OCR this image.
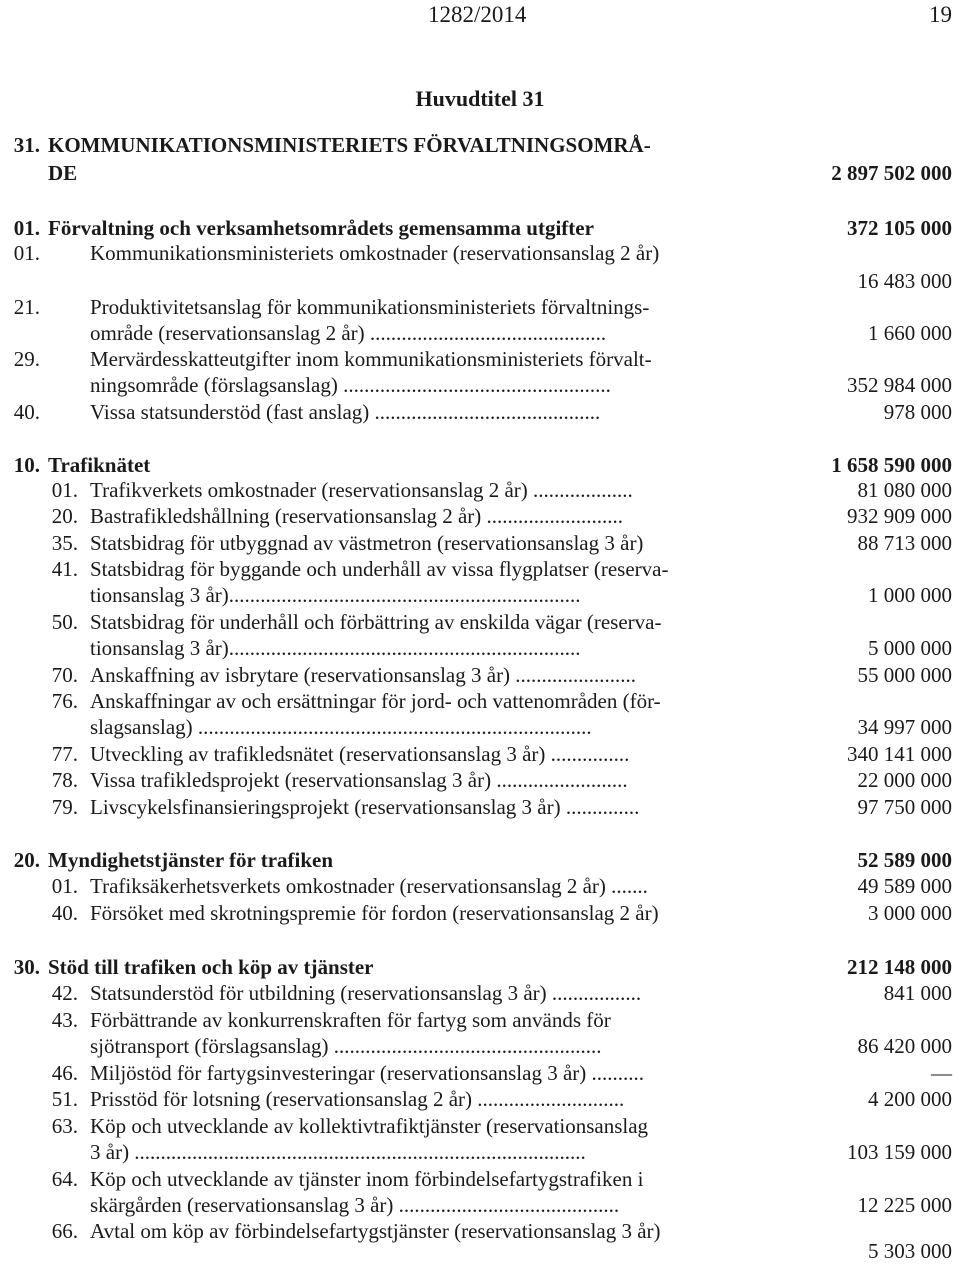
1282/2014	19
Huvudtitel 31
31. KOMMUNIKATIONSMINISTERIETS FÖRVALTNINGSOMRÅ-
DE	2 897 502 000
01. Förvaltning och verksamhetsområdets gemensamma utgifter	372 105 000
01. Kommunikationsministeriets omkostnader (reservationsanslag 2 år)
16 483 000
21. Produktivitetsanslag för kommunikationsministeriets förvaltnings-
område (reservationsanslag 2 år) .............................................	1 660 000
29. Mervärdesskatteutgifter inom kommunikationsministeriets förvalt-
ningsområde (förslagsanslag) ...................................................	352 984 000
40. Vissa statsunderstöd (fast anslag) ...........................................	978 000
10. Trafiknätet	1 658 590 000
01. Trafikverkets omkostnader (reservationsanslag 2 år) ...................	81 080 000
20. Bastrafikledshållning (reservationsanslag 2 år) ..........................	932 909 000
35. Statsbidrag för utbyggnad av västmetron (reservationsanslag 3 år)	88 713 000
41. Statsbidrag för byggande och underhåll av vissa flygplatser (reserva-
tionsanslag 3 år)...................................................................	1 000 000
50. Statsbidrag för underhåll och förbättring av enskilda vägar (reserva-
tionsanslag 3 år)...................................................................	5 000 000
70. Anskaffning av isbrytare (reservationsanslag 3 år) .......................	55 000 000
76. Anskaffningar av och ersättningar för jord- och vattenområden (för-
slagsanslag) ...........................................................................	34 997 000
77. Utveckling av trafikledsnätet (reservationsanslag 3 år) ...............	340 141 000
78. Vissa trafikledsprojekt (reservationsanslag 3 år) .........................	22 000 000
79. Livscykelsfinansieringsprojekt (reservationsanslag 3 år) ..............	97 750 000
20. Myndighetstjänster för trafiken	52 589 000
01. Trafiksäkerhetsverkets omkostnader (reservationsanslag 2 år) .......	49 589 000
40. Försöket med skrotningspremie för fordon (reservationsanslag 2 år)	3 000 000
30. Stöd till trafiken och köp av tjänster	212 148 000
42. Statsunderstöd för utbildning (reservationsanslag 3 år) .................	841 000
43. Förbättrande av konkurrenskraften för fartyg som används för
sjötransport (förslagsanslag) ...................................................	86 420 000
46. Miljöstöd för fartygsinvesteringar (reservationsanslag 3 år) ..........	—
51. Prisstöd för lotsning (reservationsanslag 2 år) ............................	4 200 000
63. Köp och utvecklande av kollektivtrafiktjänster (reservationsanslag
3 år) ......................................................................................	103 159 000
64. Köp och utvecklande av tjänster inom förbindelsefartygstrafiken i
skärgården (reservationsanslag 3 år) ..........................................	12 225 000
66. Avtal om köp av förbindelsefartygstjänster (reservationsanslag 3 år)
5 303 000
